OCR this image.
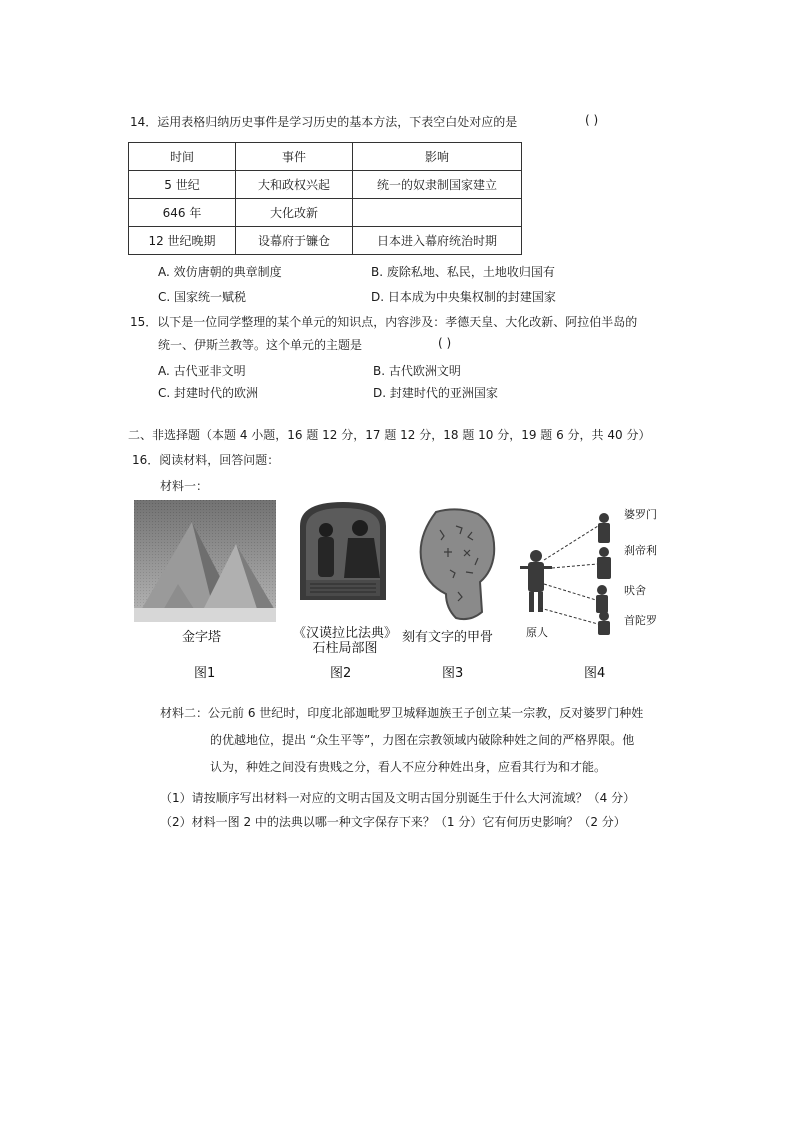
14．运用表格归纳历史事件是学习历史的基本方法，下表空白处对应的是	( )
时间	事件	影响
5 世纪	大和政权兴起	统一的奴隶制国家建立
646 年	大化改新	
12 世纪晚期	设幕府于镰仓	日本进入幕府统治时期
A. 效仿唐朝的典章制度	B. 废除私地、私民，土地收归国有
C. 国家统一赋税	D. 日本成为中央集权制的封建国家
15．以下是一位同学整理的某个单元的知识点，内容涉及：孝德天皇、大化改新、阿拉伯半岛的
统一、伊斯兰教等。这个单元的主题是	( )
A. 古代亚非文明	B. 古代欧洲文明
C. 封建时代的欧洲	D. 封建时代的亚洲国家
二、非选择题（本题 4 小题，16 题 12 分，17 题 12 分，18 题 10 分，19 题 6 分，共 40 分）
16．阅读材料，回答问题：
材料一：
金字塔
图1
《汉谟拉比法典》
石柱局部图
图2
刻有文字的甲骨
图3
婆罗门
刹帝利
吠舍
首陀罗
原人
图4
材料二：公元前 6 世纪时，印度北部迦毗罗卫城释迦族王子创立某一宗教，反对婆罗门种姓
的优越地位，提出 “众生平等”，力图在宗教领域内破除种姓之间的严格界限。他
认为，种姓之间没有贵贱之分，看人不应分种姓出身，应看其行为和才能。
（1）请按顺序写出材料一对应的文明古国及文明古国分别诞生于什么大河流域？（4 分）
（2）材料一图 2 中的法典以哪一种文字保存下来？（1 分）它有何历史影响？（2 分）
